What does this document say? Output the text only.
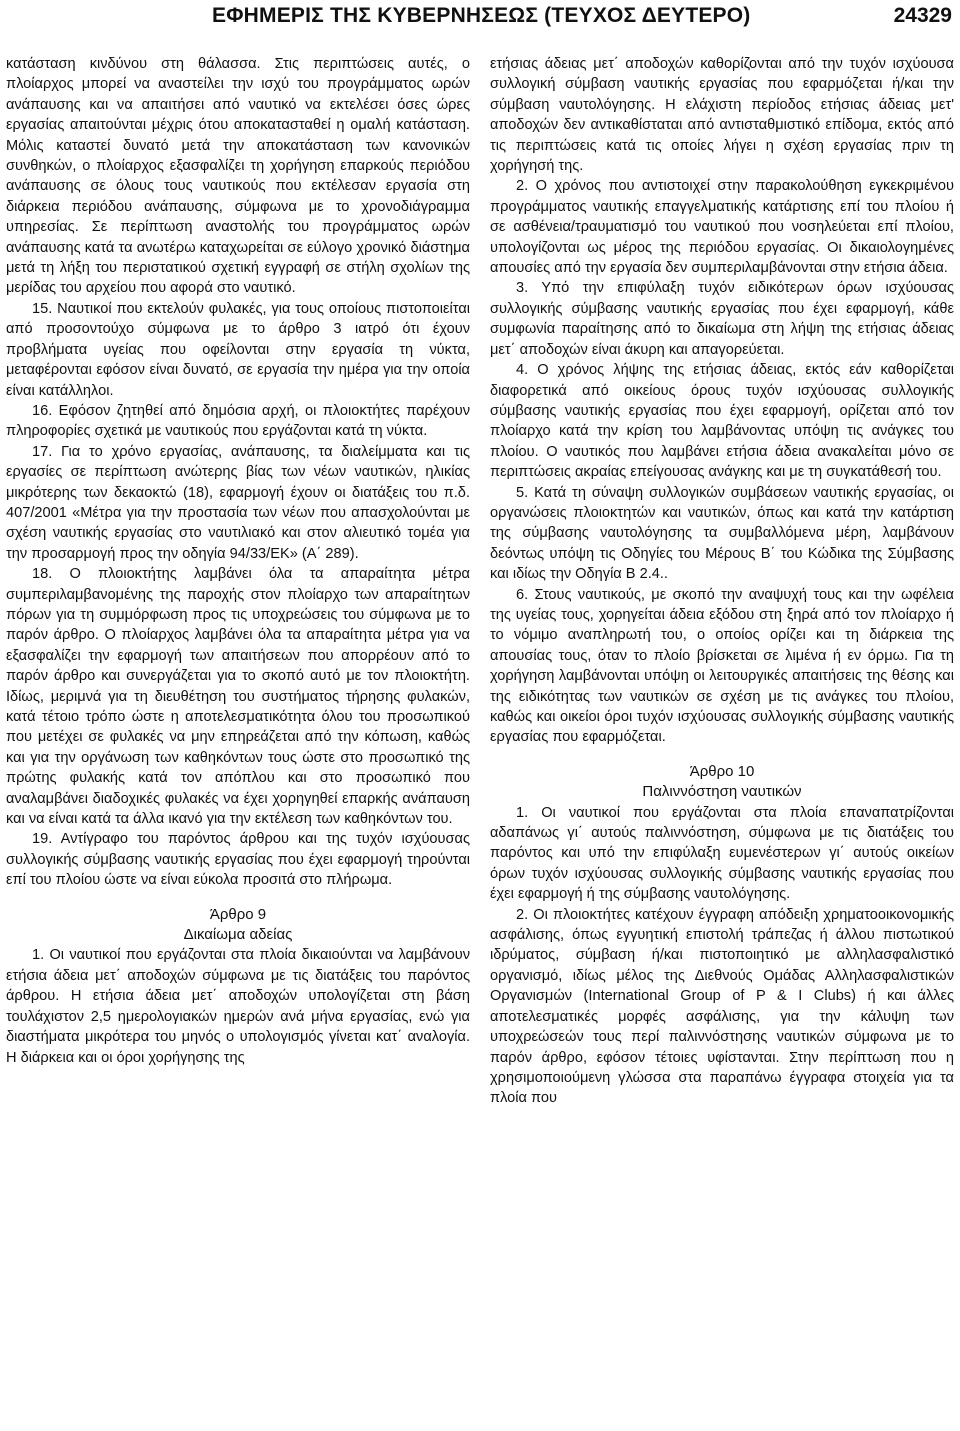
ΕΦΗΜΕΡΙΣ ΤΗΣ ΚΥΒΕΡΝΗΣΕΩΣ (ΤΕΥΧΟΣ ΔΕΥΤΕΡΟ)	24329

κατάσταση κινδύνου στη θάλασσα. Στις περιπτώσεις αυτές, ο πλοίαρχος μπορεί να αναστείλει την ισχύ του προγράμματος ωρών ανάπαυσης και να απαιτήσει από ναυτικό να εκτελέσει όσες ώρες εργασίας απαιτούνται μέχρις ότου αποκατασταθεί η ομαλή κατάσταση. Μόλις καταστεί δυνατό μετά την αποκατάσταση των κανονικών συνθηκών, ο πλοίαρχος εξασφαλίζει τη χορήγηση επαρκούς περιόδου ανάπαυσης σε όλους τους ναυτικούς που εκτέλεσαν εργασία στη διάρκεια περιόδου ανάπαυσης, σύμφωνα με το χρονοδιάγραμμα υπηρεσίας. Σε περίπτωση αναστολής του προγράμματος ωρών ανάπαυσης κατά τα ανωτέρω καταχωρείται σε εύλογο χρονικό διάστημα μετά τη λήξη του περιστατικού σχετική εγγραφή σε στήλη σχολίων της μερίδας του αρχείου που αφορά στο ναυτικό.

15. Ναυτικοί που εκτελούν φυλακές, για τους οποίους πιστοποιείται από προσοντούχο σύμφωνα με το άρθρο 3 ιατρό ότι έχουν προβλήματα υγείας που οφείλονται στην εργασία τη νύκτα, μεταφέρονται εφόσον είναι δυνατό, σε εργασία την ημέρα για την οποία είναι κατάλληλοι.

16. Εφόσον ζητηθεί από δημόσια αρχή, οι πλοιοκτήτες παρέχουν πληροφορίες σχετικά με ναυτικούς που εργάζονται κατά τη νύκτα.

17. Για το χρόνο εργασίας, ανάπαυσης, τα διαλείμματα και τις εργασίες σε περίπτωση ανώτερης βίας των νέων ναυτικών, ηλικίας μικρότερης των δεκαοκτώ (18), εφαρμογή έχουν οι διατάξεις του π.δ. 407/2001 «Μέτρα για την προστασία των νέων που απασχολούνται με σχέση ναυτικής εργασίας στο ναυτιλιακό και στον αλιευτικό τομέα για την προσαρμογή προς την οδηγία 94/33/ΕΚ» (Α΄ 289).

18. Ο πλοιοκτήτης λαμβάνει όλα τα απαραίτητα μέτρα συμπεριλαμβανομένης της παροχής στον πλοίαρχο των απαραίτητων πόρων για τη συμμόρφωση προς τις υποχρεώσεις του σύμφωνα με το παρόν άρθρο. Ο πλοίαρχος λαμβάνει όλα τα απαραίτητα μέτρα για να εξασφαλίζει την εφαρμογή των απαιτήσεων που απορρέουν από το παρόν άρθρο και συνεργάζεται για το σκοπό αυτό με τον πλοιοκτήτη. Ιδίως, μεριμνά για τη διευθέτηση του συστήματος τήρησης φυλακών, κατά τέτοιο τρόπο ώστε η αποτελεσματικότητα όλου του προσωπικού που μετέχει σε φυλακές να μην επηρεάζεται από την κόπωση, καθώς και για την οργάνωση των καθηκόντων τους ώστε στο προσωπικό της πρώτης φυλακής κατά τον απόπλου και στο προσωπικό που αναλαμβάνει διαδοχικές φυλακές να έχει χορηγηθεί επαρκής ανάπαυση και να είναι κατά τα άλλα ικανό για την εκτέλεση των καθηκόντων του.

19. Αντίγραφο του παρόντος άρθρου και της τυχόν ισχύουσας συλλογικής σύμβασης ναυτικής εργασίας που έχει εφαρμογή τηρούνται επί του πλοίου ώστε να είναι εύκολα προσιτά στο πλήρωμα.

Άρθρο 9
Δικαίωμα αδείας

1. Οι ναυτικοί που εργάζονται στα πλοία δικαιούνται να λαμβάνουν ετήσια άδεια μετ΄ αποδοχών σύμφωνα με τις διατάξεις του παρόντος άρθρου. Η ετήσια άδεια μετ΄ αποδοχών υπολογίζεται στη βάση τουλάχιστον 2,5 ημερολογιακών ημερών ανά μήνα εργασίας, ενώ για διαστήματα μικρότερα του μηνός ο υπολογισμός γίνεται κατ΄ αναλογία. Η διάρκεια και οι όροι χορήγησης της

ετήσιας άδειας μετ΄ αποδοχών καθορίζονται από την τυχόν ισχύουσα συλλογική σύμβαση ναυτικής εργασίας που εφαρμόζεται ή/και την σύμβαση ναυτολόγησης. Η ελάχιστη περίοδος ετήσιας άδειας μετ' αποδοχών δεν αντικαθίσταται από αντισταθμιστικό επίδομα, εκτός από τις περιπτώσεις κατά τις οποίες λήγει η σχέση εργασίας πριν τη χορήγησή της.

2. Ο χρόνος που αντιστοιχεί στην παρακολούθηση εγκεκριμένου προγράμματος ναυτικής επαγγελματικής κατάρτισης επί του πλοίου ή σε ασθένεια/τραυματισμό του ναυτικού που νοσηλεύεται επί πλοίου, υπολογίζονται ως μέρος της περιόδου εργασίας. Οι δικαιολογημένες απουσίες από την εργασία δεν συμπεριλαμβάνονται στην ετήσια άδεια.

3. Υπό την επιφύλαξη τυχόν ειδικότερων όρων ισχύουσας συλλογικής σύμβασης ναυτικής εργασίας που έχει εφαρμογή, κάθε συμφωνία παραίτησης από το δικαίωμα στη λήψη της ετήσιας άδειας μετ΄ αποδοχών είναι άκυρη και απαγορεύεται.

4. Ο χρόνος λήψης της ετήσιας άδειας, εκτός εάν καθορίζεται διαφορετικά από οικείους όρους τυχόν ισχύουσας συλλογικής σύμβασης ναυτικής εργασίας που έχει εφαρμογή, ορίζεται από τον πλοίαρχο κατά την κρίση του λαμβάνοντας υπόψη τις ανάγκες του πλοίου. Ο ναυτικός που λαμβάνει ετήσια άδεια ανακαλείται μόνο σε περιπτώσεις ακραίας επείγουσας ανάγκης και με τη συγκατάθεσή του.

5. Κατά τη σύναψη συλλογικών συμβάσεων ναυτικής εργασίας, οι οργανώσεις πλοιοκτητών και ναυτικών, όπως και κατά την κατάρτιση της σύμβασης ναυτολόγησης τα συμβαλλόμενα μέρη, λαμβάνουν δεόντως υπόψη τις Οδηγίες του Μέρους Β΄ του Κώδικα της Σύμβασης και ιδίως την Οδηγία Β 2.4..

6. Στους ναυτικούς, με σκοπό την αναψυχή τους και την ωφέλεια της υγείας τους, χορηγείται άδεια εξόδου στη ξηρά από τον πλοίαρχο ή το νόμιμο αναπληρωτή του, ο οποίος ορίζει και τη διάρκεια της απουσίας τους, όταν το πλοίο βρίσκεται σε λιμένα ή εν όρμω. Για τη χορήγηση λαμβάνονται υπόψη οι λειτουργικές απαιτήσεις της θέσης και της ειδικότητας των ναυτικών σε σχέση με τις ανάγκες του πλοίου, καθώς και οικείοι όροι τυχόν ισχύουσας συλλογικής σύμβασης ναυτικής εργασίας που εφαρμόζεται.

Άρθρο 10
Παλιννόστηση ναυτικών

1. Οι ναυτικοί που εργάζονται στα πλοία επαναπατρίζονται αδαπάνως γι΄ αυτούς παλιννόστηση, σύμφωνα με τις διατάξεις του παρόντος και υπό την επιφύλαξη ευμενέστερων γι΄ αυτούς οικείων όρων τυχόν ισχύουσας συλλογικής σύμβασης ναυτικής εργασίας που έχει εφαρμογή ή της σύμβασης ναυτολόγησης.

2. Οι πλοιοκτήτες κατέχουν έγγραφη απόδειξη χρηματοοικονομικής ασφάλισης, όπως εγγυητική επιστολή τράπεζας ή άλλου πιστωτικού ιδρύματος, σύμβαση ή/και πιστοποιητικό με αλληλασφαλιστικό οργανισμό, ιδίως μέλος της Διεθνούς Ομάδας Αλληλασφαλιστικών Οργανισμών (International Group of P & I Clubs) ή και άλλες αποτελεσματικές μορφές ασφάλισης, για την κάλυψη των υποχρεώσεών τους περί παλιννόστησης ναυτικών σύμφωνα με το παρόν άρθρο, εφόσον τέτοιες υφίστανται. Στην περίπτωση που η χρησιμοποιούμενη γλώσσα στα παραπάνω έγγραφα στοιχεία για τα πλοία που
